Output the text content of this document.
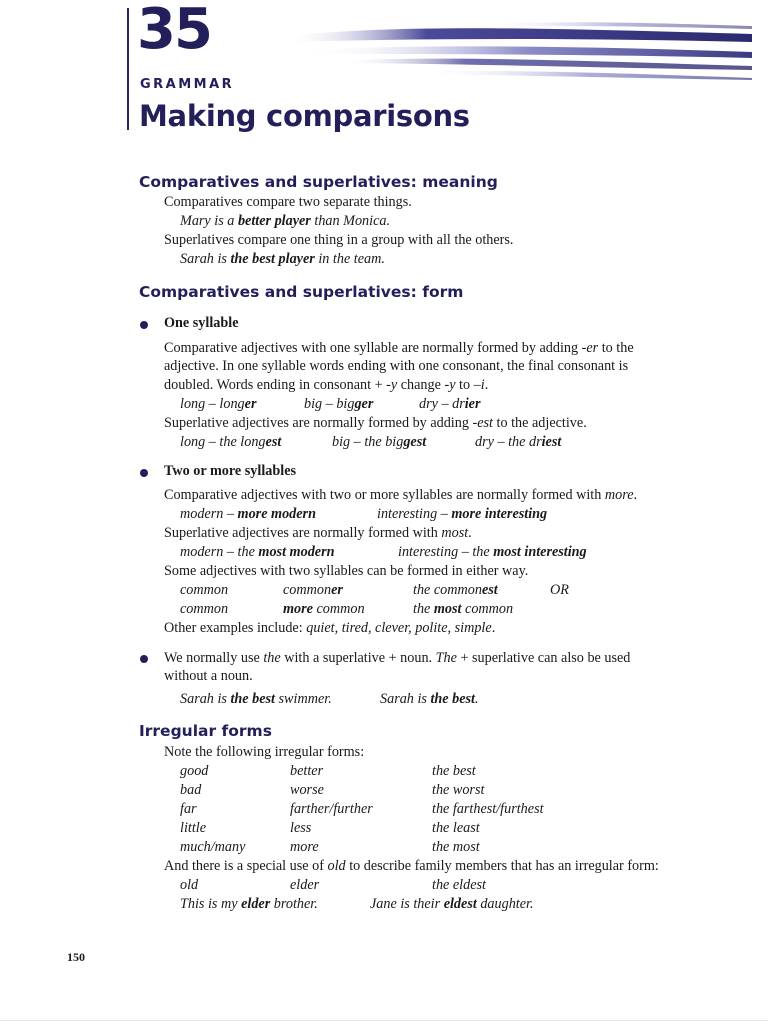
35
GRAMMAR
Making comparisons
Comparatives and superlatives: meaning
Comparatives compare two separate things.
Mary is a better player than Monica.
Superlatives compare one thing in a group with all the others.
Sarah is the best player in the team.
Comparatives and superlatives: form
One syllable
Comparative adjectives with one syllable are normally formed by adding -er to the
adjective. In one syllable words ending with one consonant, the final consonant is
doubled. Words ending in consonant + -y change -y to –i.
long – longer	big – bigger	dry – drier
Superlative adjectives are normally formed by adding -est to the adjective.
long – the longest	big – the biggest	dry – the driest
Two or more syllables
Comparative adjectives with two or more syllables are normally formed with more.
modern – more modern	interesting – more interesting
Superlative adjectives are normally formed with most.
modern – the most modern	interesting – the most interesting
Some adjectives with two syllables can be formed in either way.
common	commoner	the commonest	OR
common	more common	the most common
Other examples include: quiet, tired, clever, polite, simple.
We normally use the with a superlative + noun. The + superlative can also be used
without a noun.
Sarah is the best swimmer.	Sarah is the best.
Irregular forms
Note the following irregular forms:
good	better	the best
bad	worse	the worst
far	farther/further	the farthest/furthest
little	less	the least
much/many	more	the most
And there is a special use of old to describe family members that has an irregular form:
old	elder	the eldest
This is my elder brother.	Jane is their eldest daughter.
150
